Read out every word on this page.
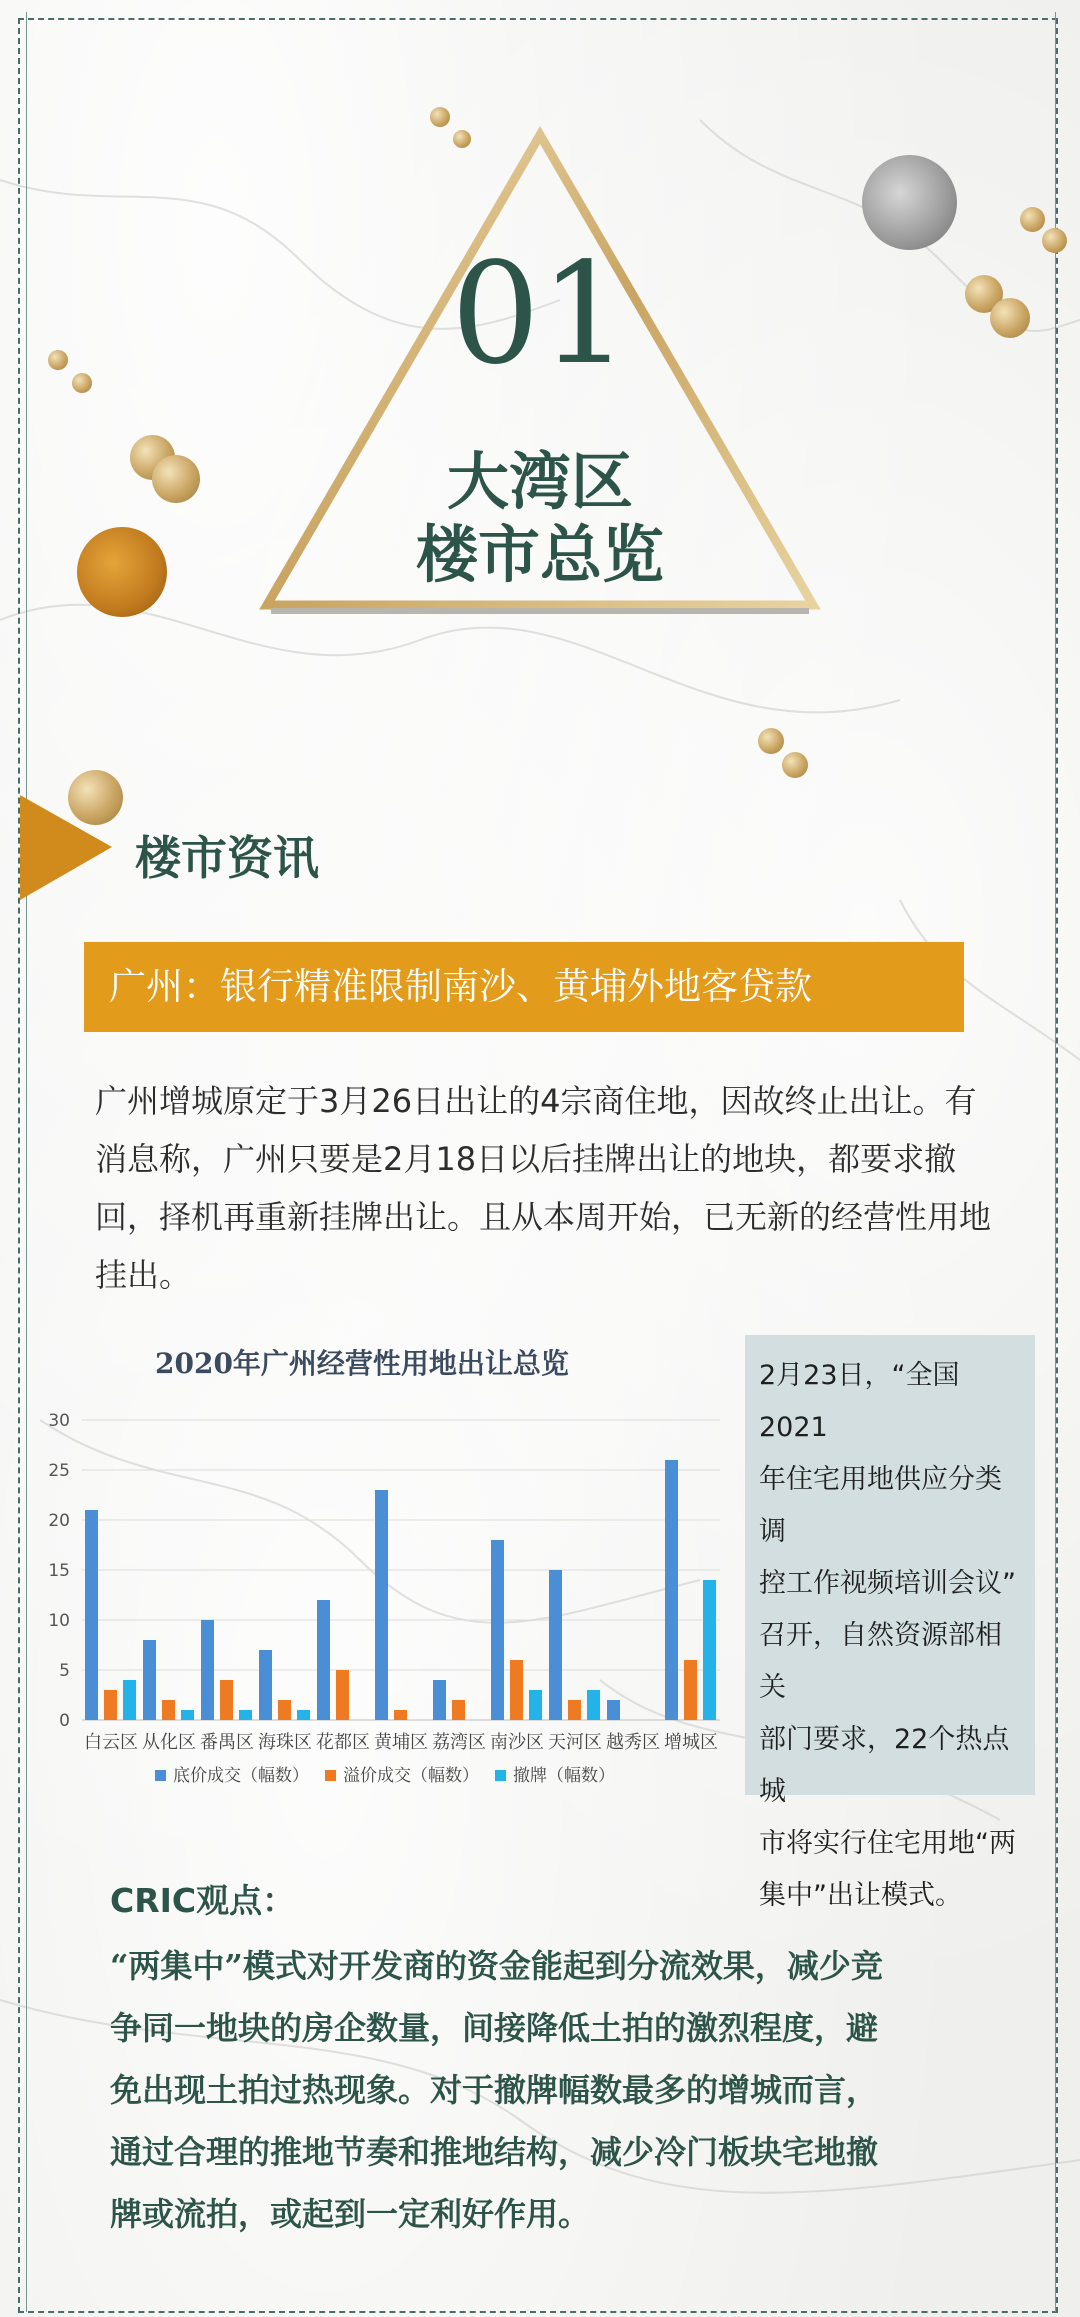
01
大湾区
楼市总览
楼市资讯
广州：银行精准限制南沙、黄埔外地客贷款
广州增城原定于3月26日出让的4宗商住地，因故终止出让。有消息称，广州只要是2月18日以后挂牌出让的地块，都要求撤回，择机再重新挂牌出让。且从本周开始，已无新的经营性用地挂出。
2020年广州经营性用地出让总览
0
5
10
15
20
25
30
白云区 从化区 番禺区 海珠区 花都区 黄埔区 荔湾区 南沙区 天河区 越秀区 增城区
底价成交（幅数） 溢价成交（幅数） 撤牌（幅数）

2月23日，“全国2021

年住宅用地供应分类调

控工作视频培训会议”

召开，自然资源部相关

部门要求，22个热点城

市将实行住宅用地“两

集中”出让模式。

CRIC观点：
“两集中”模式对开发商的资金能起到分流效果，减少竞
争同一地块的房企数量，间接降低土拍的激烈程度，避
免出现土拍过热现象。对于撤牌幅数最多的增城而言，
通过合理的推地节奏和推地结构，减少冷门板块宅地撤
牌或流拍，或起到一定利好作用。
